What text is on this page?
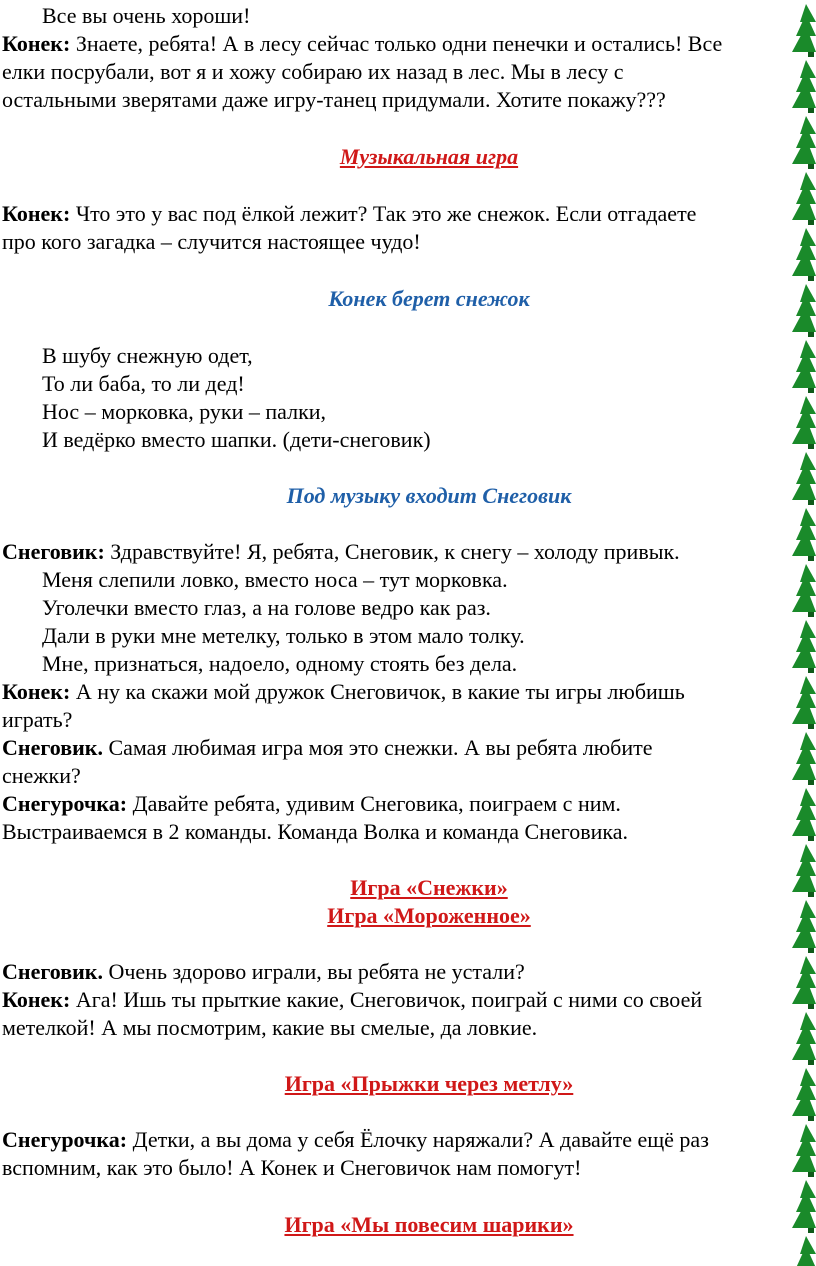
Все вы очень хороши!
Конек: Знаете, ребята! А в лесу сейчас только одни пенечки и остались! Все
елки посрубали, вот я и хожу собираю их назад в лес. Мы в лесу с
остальными зверятами даже игру-танец придумали. Хотите покажу???
Музыкальная игра
Конек: Что это у вас под ёлкой лежит? Так это же снежок. Если отгадаете
про кого загадка – случится настоящее чудо!
Конек берет снежок
В шубу снежную одет,
То ли баба, то ли дед!
Нос – морковка, руки – палки,
И ведёрко вместо шапки. (дети-снеговик)
Под музыку входит Снеговик
Снеговик: Здравствуйте! Я, ребята, Снеговик, к снегу – холоду привык.
Меня слепили ловко, вместо носа – тут морковка.
Уголечки вместо глаз, а на голове ведро как раз.
Дали в руки мне метелку, только в этом мало толку.
Мне, признаться, надоело, одному стоять без дела.
Конек: А ну ка скажи мой дружок Снеговичок, в какие ты игры любишь
играть?
Снеговик. Самая любимая игра моя это снежки. А вы ребята любите
снежки?
Снегурочка: Давайте ребята, удивим Снеговика, поиграем с ним.
Выстраиваемся в 2 команды. Команда Волка и команда Снеговика.
Игра «Снежки»
Игра «Мороженное»
Снеговик. Очень здорово играли, вы ребята не устали?
Конек: Ага! Ишь ты прыткие какие, Снеговичок, поиграй с ними со своей
метелкой! А мы посмотрим, какие вы смелые, да ловкие.
Игра «Прыжки через метлу»
Снегурочка: Детки, а вы дома у себя Ёлочку наряжали? А давайте ещё раз
вспомним, как это было! А Конек и Снеговичок нам помогут!
Игра «Мы повесим шарики»
